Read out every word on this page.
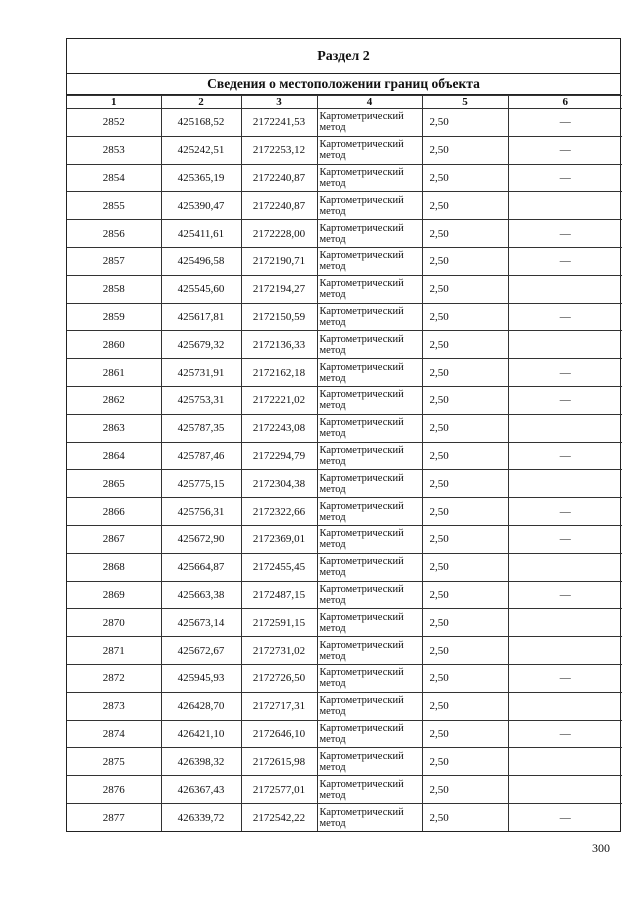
Раздел 2
Сведения о местоположении границ объекта
1	2	3	4	5	6
2852	425168,52	2172241,53	Картометрический метод	2,50	—
2853	425242,51	2172253,12	Картометрический метод	2,50	—
2854	425365,19	2172240,87	Картометрический метод	2,50	—
2855	425390,47	2172240,87	Картометрический метод	2,50	
2856	425411,61	2172228,00	Картометрический метод	2,50	—
2857	425496,58	2172190,71	Картометрический метод	2,50	—
2858	425545,60	2172194,27	Картометрический метод	2,50	
2859	425617,81	2172150,59	Картометрический метод	2,50	—
2860	425679,32	2172136,33	Картометрический метод	2,50	
2861	425731,91	2172162,18	Картометрический метод	2,50	—
2862	425753,31	2172221,02	Картометрический метод	2,50	—
2863	425787,35	2172243,08	Картометрический метод	2,50	
2864	425787,46	2172294,79	Картометрический метод	2,50	—
2865	425775,15	2172304,38	Картометрический метод	2,50	
2866	425756,31	2172322,66	Картометрический метод	2,50	—
2867	425672,90	2172369,01	Картометрический метод	2,50	—
2868	425664,87	2172455,45	Картометрический метод	2,50	
2869	425663,38	2172487,15	Картометрический метод	2,50	—
2870	425673,14	2172591,15	Картометрический метод	2,50	
2871	425672,67	2172731,02	Картометрический метод	2,50	
2872	425945,93	2172726,50	Картометрический метод	2,50	—
2873	426428,70	2172717,31	Картометрический метод	2,50	
2874	426421,10	2172646,10	Картометрический метод	2,50	—
2875	426398,32	2172615,98	Картометрический метод	2,50	
2876	426367,43	2172577,01	Картометрический метод	2,50	
2877	426339,72	2172542,22	Картометрический метод	2,50	—
300
